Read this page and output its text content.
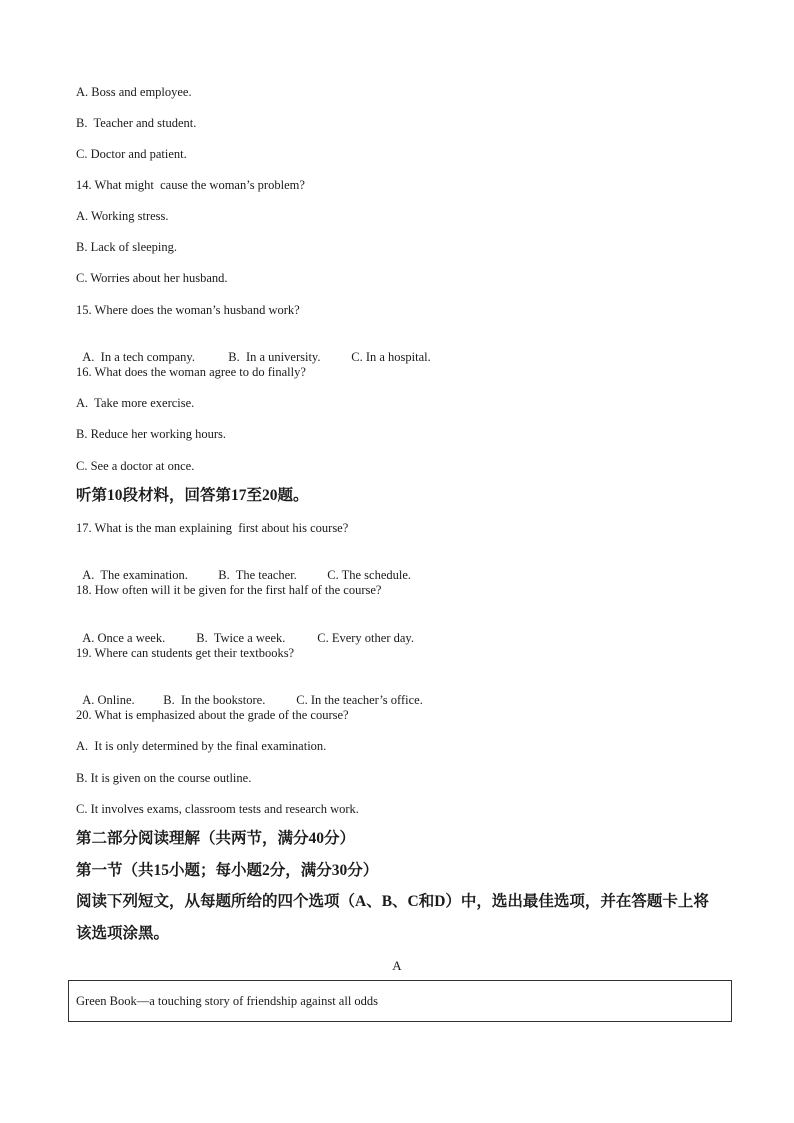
A. Boss and employee.
B.  Teacher and student.
C. Doctor and patient.
14. What might  cause the woman’s problem?
A. Working stress.
B. Lack of sleeping.
C. Worries about her husband.
15. Where does the woman’s husband work?

A.  In a tech company.	B.  In a university. C. In a hospital.

16. What does the woman agree to do finally?
A.  Take more exercise.
B. Reduce her working hours.
C. See a doctor at once.
听第10段材料，回答第17至20题。
17. What is the man explaining  first about his course?

A.  The examination. B.  The teacher. C. The schedule.

18. How often will it be given for the first half of the course?

A. Once a week. B.  Twice a week.	C. Every other day.

19. Where can students get their textbooks?

A. Online. B.  In the bookstore. C. In the teacher’s office.

20. What is emphasized about the grade of the course?
A.  It is only determined by the final examination.
B. It is given on the course outline.
C. It involves exams, classroom tests and research work.
第二部分阅读理解（共两节，满分40分）
第一节（共15小题；每小题2分，满分30分）
阅读下列短文，从每题所给的四个选项（A、B、C和D）中，选出最佳选项，并在答题卡上将
该选项涂黑。
A
Green Book—a touching story of friendship against all odds
